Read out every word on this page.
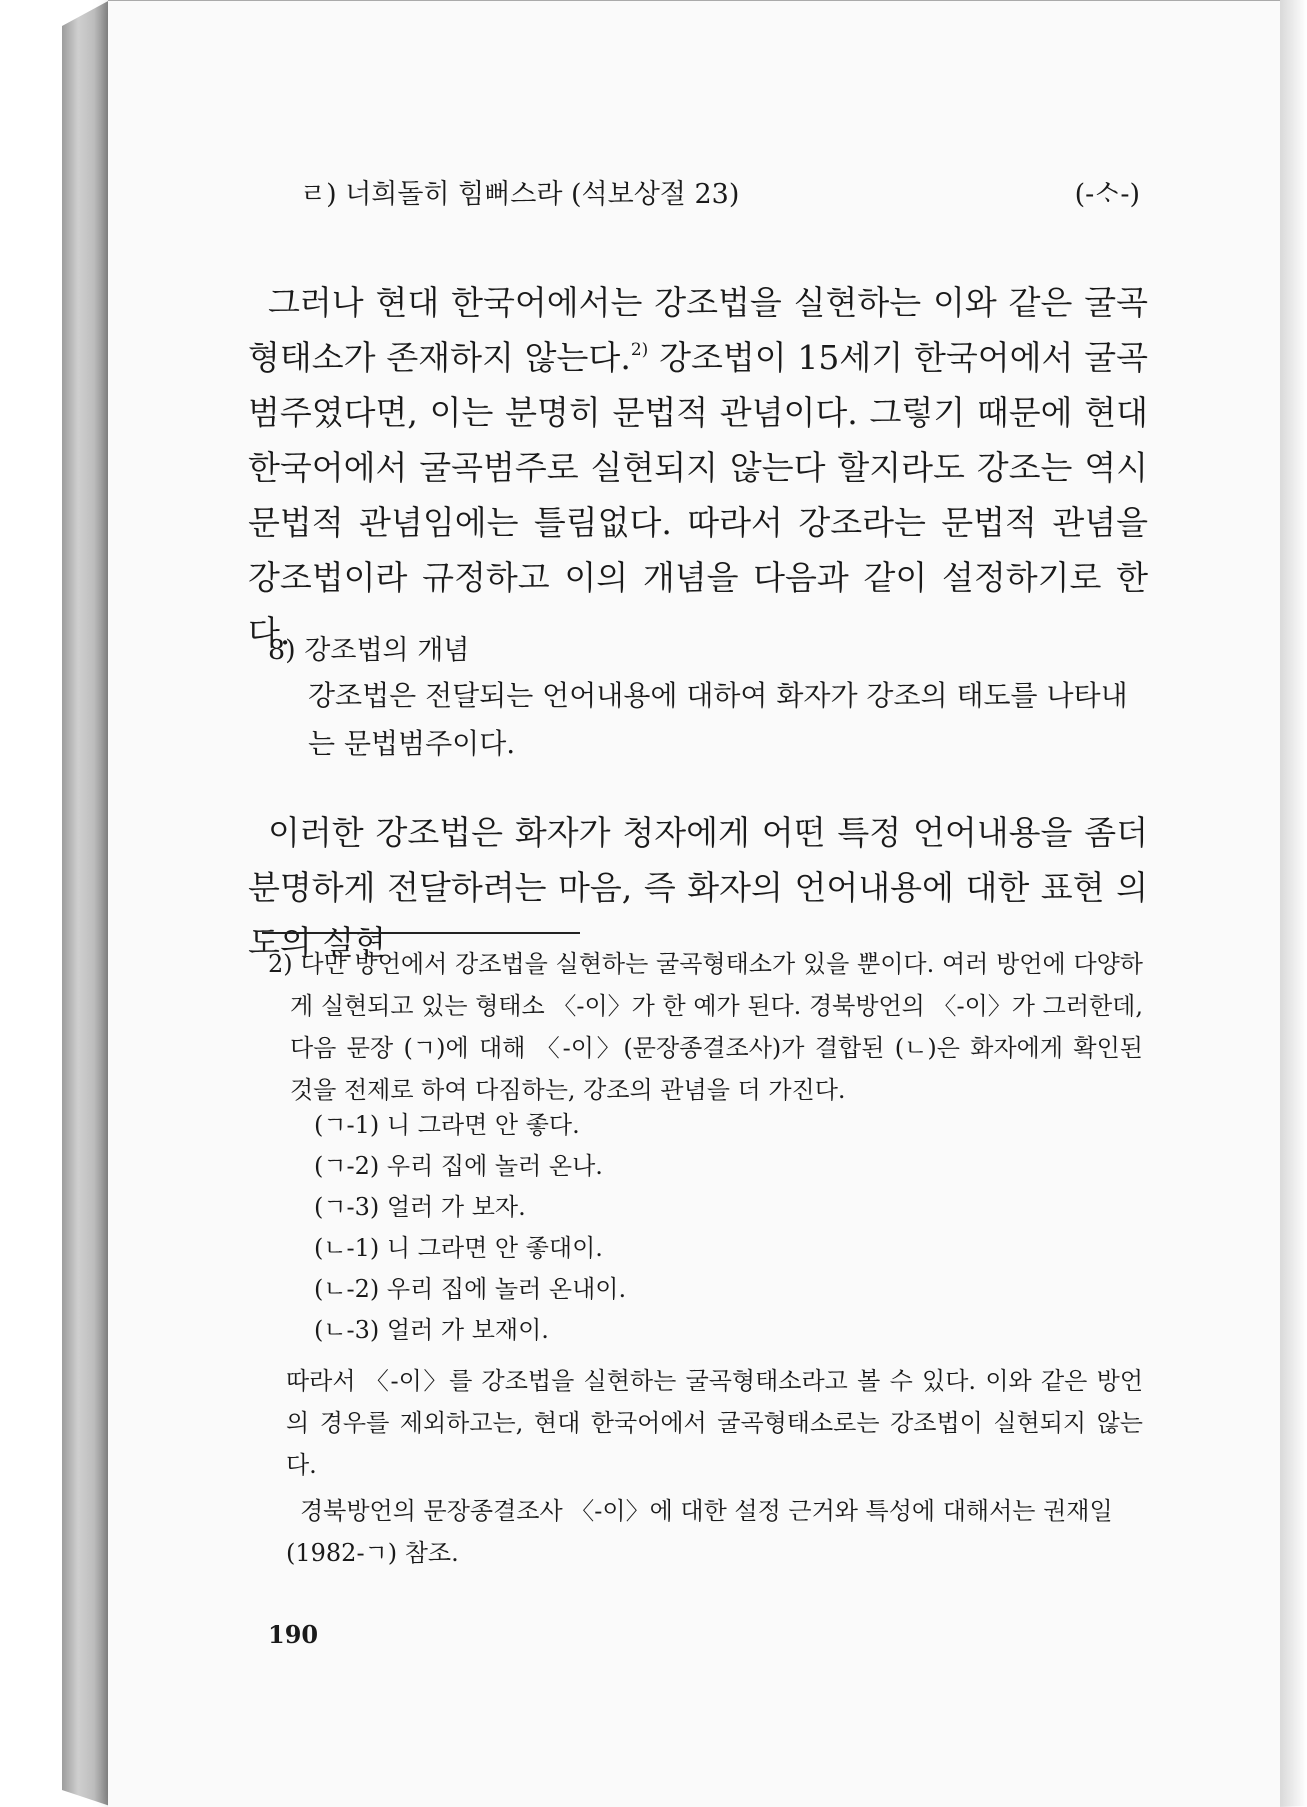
ㄹ) 너희돌히 힘뻐스라 (석보상절 23)	(-ᄉᆞ-)

그러나 현대 한국어에서는 강조법을 실현하는 이와 같은 굴곡형태소가 존재하지 않는다.$^{2)}$ 강조법이 15세기 한국어에서 굴곡범주였다면, 이는 분명히 문법적 관념이다. 그렇기 때문에 현대 한국어에서 굴곡범주로 실현되지 않는다 할지라도 강조는 역시 문법적 관념임에는 틀림없다. 따라서 강조라는 문법적 관념을 강조법이라 규정하고 이의 개념을 다음과 같이 설정하기로 한다.

8) 강조법의 개념

강조법은 전달되는 언어내용에 대하여 화자가 강조의 태도를 나타내는 문법범주이다.

이러한 강조법은 화자가 청자에게 어떤 특정 언어내용을 좀더 분명하게 전달하려는 마음, 즉 화자의 언어내용에 대한 표현 의도의 실현

2) 다만 방언에서 강조법을 실현하는 굴곡형태소가 있을 뿐이다. 여러 방언에 다양하게 실현되고 있는 형태소 〈-이〉가 한 예가 된다. 경북방언의 〈-이〉가 그러한데, 다음 문장 (ㄱ)에 대해 〈-이〉(문장종결조사)가 결합된 (ㄴ)은 화자에게 확인된 것을 전제로 하여 다짐하는, 강조의 관념을 더 가진다.

(ㄱ-1) 니 그라면 안 좋다.
(ㄱ-2) 우리 집에 놀러 온나.
(ㄱ-3) 얼러 가 보자.
(ㄴ-1) 니 그라면 안 좋대이.
(ㄴ-2) 우리 집에 놀러 온내이.
(ㄴ-3) 얼러 가 보재이.

따라서 〈-이〉를 강조법을 실현하는 굴곡형태소라고 볼 수 있다. 이와 같은 방언의 경우를 제외하고는, 현대 한국어에서 굴곡형태소로는 강조법이 실현되지 않는다.

경북방언의 문장종결조사 〈-이〉에 대한 설정 근거와 특성에 대해서는 권재일(1982-ㄱ) 참조.

190
